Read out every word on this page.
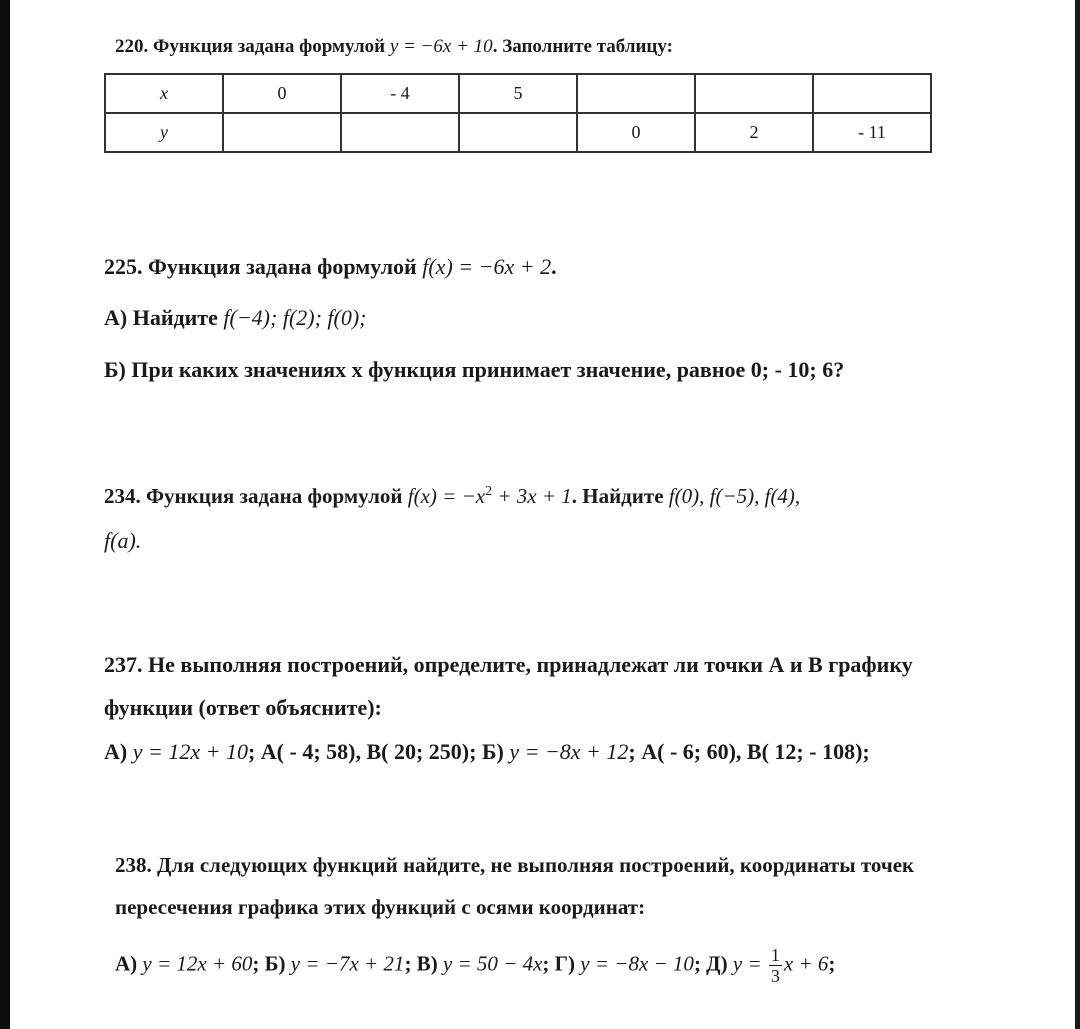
220. Функция задана формулой y = −6x + 10. Заполните таблицу:
x	0	- 4	5			
y				0	2	- 11
225. Функция задана формулой f(x) = −6x + 2.
А) Найдите f(−4); f(2); f(0);
Б) При каких значениях x функция принимает значение, равное 0; - 10; 6?
234. Функция задана формулой $f(x) = -x^2 + 3x + 1$. Найдите f(0), f(−5), f(4),
f(a).
237. Не выполняя построений, определите, принадлежат ли точки А и В графику
функции (ответ объясните):
А) y = 12x + 10; А( - 4; 58), В( 20; 250); Б) y = −8x + 12; А( - 6; 60), В( 12; - 108);
238. Для следующих функций найдите, не выполняя построений, координаты точек
пересечения графика этих функций с осями координат:
А) y = 12x + 60; Б) y = −7x + 21; В) y = 50 − 4x; Г) y = −8x − 10; Д) $y = \frac{1}{3}$ x + 6;
